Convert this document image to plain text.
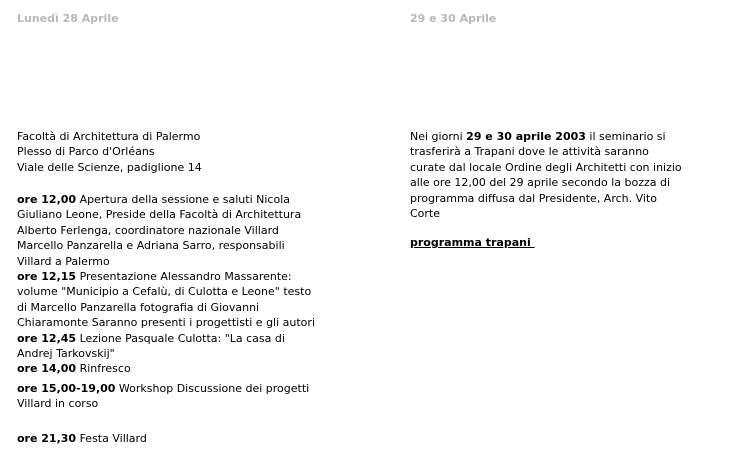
Lunedì 28 Aprile
Facoltà di Architettura di Palermo
Plesso di Parco d'Orléans
Viale delle Scienze, padiglione 14
ore 12,00 Apertura della sessione e saluti Nicola
Giuliano Leone, Preside della Facoltà di Architettura
Alberto Ferlenga, coordinatore nazionale Villard
Marcello Panzarella e Adriana Sarro, responsabili
Villard a Palermo
ore 12,15 Presentazione Alessandro Massarente:
volume "Municipio a Cefalù, di Culotta e Leone" testo
di Marcello Panzarella fotografia di Giovanni
Chiaramonte Saranno presenti i progettisti e gli autori
ore 12,45 Lezione Pasquale Culotta: "La casa di
Andrej Tarkovskij"
ore 14,00 Rinfresco
ore 15,00-19,00 Workshop Discussione dei progetti
Villard in corso
ore 21,30 Festa Villard
29 e 30 Aprile
Nei giorni 29 e 30 aprile 2003 il seminario si
trasferirà a Trapani dove le attività saranno
curate dal locale Ordine degli Architetti con inizio
alle ore 12,00 del 29 aprile secondo la bozza di
programma diffusa dal Presidente, Arch. Vito
Corte
programma trapani
